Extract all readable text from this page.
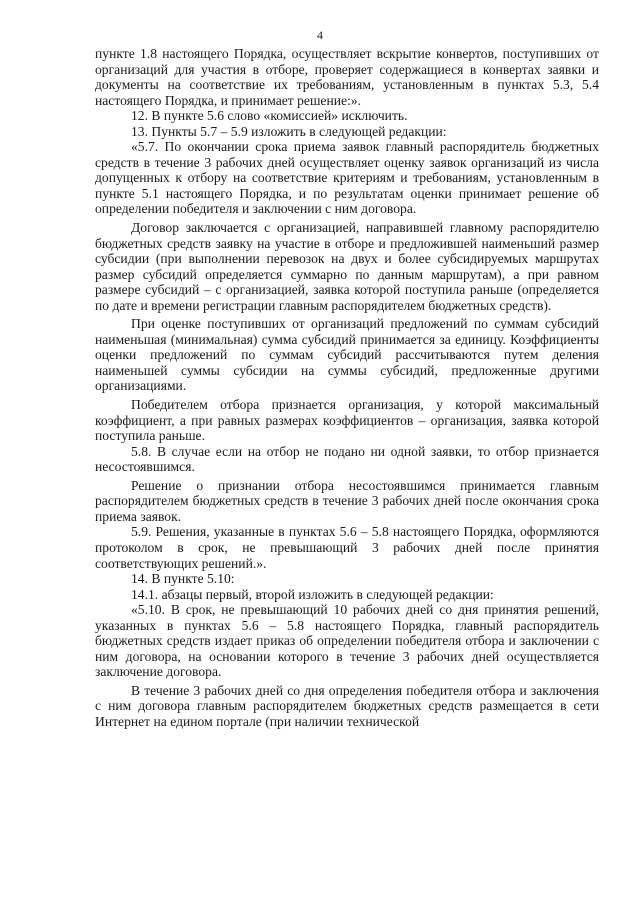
4

пункте 1.8 настоящего Порядка, осуществляет вскрытие конвертов, поступивших от организаций для участия в отборе, проверяет содержащиеся в конвертах заявки и документы на соответствие их требованиям, установленным в пунктах 5.3, 5.4 настоящего Порядка, и принимает решение:».

12. В пункте 5.6 слово «комиссией» исключить.

13. Пункты 5.7 – 5.9 изложить в следующей редакции:

«5.7. По окончании срока приема заявок главный распорядитель бюджетных средств в течение 3 рабочих дней осуществляет оценку заявок организаций из числа допущенных к отбору на соответствие критериям и требованиям, установленным в пункте 5.1 настоящего Порядка, и по результатам оценки принимает решение об определении победителя и заключении с ним договора.

Договор заключается с организацией, направившей главному распорядителю бюджетных средств заявку на участие в отборе и предложившей наименьший размер субсидии (при выполнении перевозок на двух и более субсидируемых маршрутах размер субсидий определяется суммарно по данным маршрутам), а при равном размере субсидий – с организацией, заявка которой поступила раньше (определяется по дате и времени регистрации главным распорядителем бюджетных средств).

При оценке поступивших от организаций предложений по суммам субсидий наименьшая (минимальная) сумма субсидий принимается за единицу. Коэффициенты оценки предложений по суммам субсидий рассчитываются путем деления наименьшей суммы субсидии на суммы субсидий, предложенные другими организациями.

Победителем отбора признается организация, у которой максимальный коэффициент, а при равных размерах коэффициентов – организация, заявка которой поступила раньше.

5.8. В случае если на отбор не подано ни одной заявки, то отбор признается несостоявшимся.

Решение о признании отбора несостоявшимся принимается главным распорядителем бюджетных средств в течение 3 рабочих дней после окончания срока приема заявок.

5.9. Решения, указанные в пунктах 5.6 – 5.8 настоящего Порядка, оформляются протоколом в срок, не превышающий 3 рабочих дней после принятия соответствующих решений.».

14. В пункте 5.10:

14.1. абзацы первый, второй изложить в следующей редакции:

«5.10. В срок, не превышающий 10 рабочих дней со дня принятия решений, указанных в пунктах 5.6 – 5.8 настоящего Порядка, главный распорядитель бюджетных средств издает приказ об определении победителя отбора и заключении с ним договора, на основании которого в течение 3 рабочих дней осуществляется заключение договора.

В течение 3 рабочих дней со дня определения победителя отбора и заключения с ним договора главным распорядителем бюджетных средств размещается в сети Интернет на едином портале (при наличии технической
